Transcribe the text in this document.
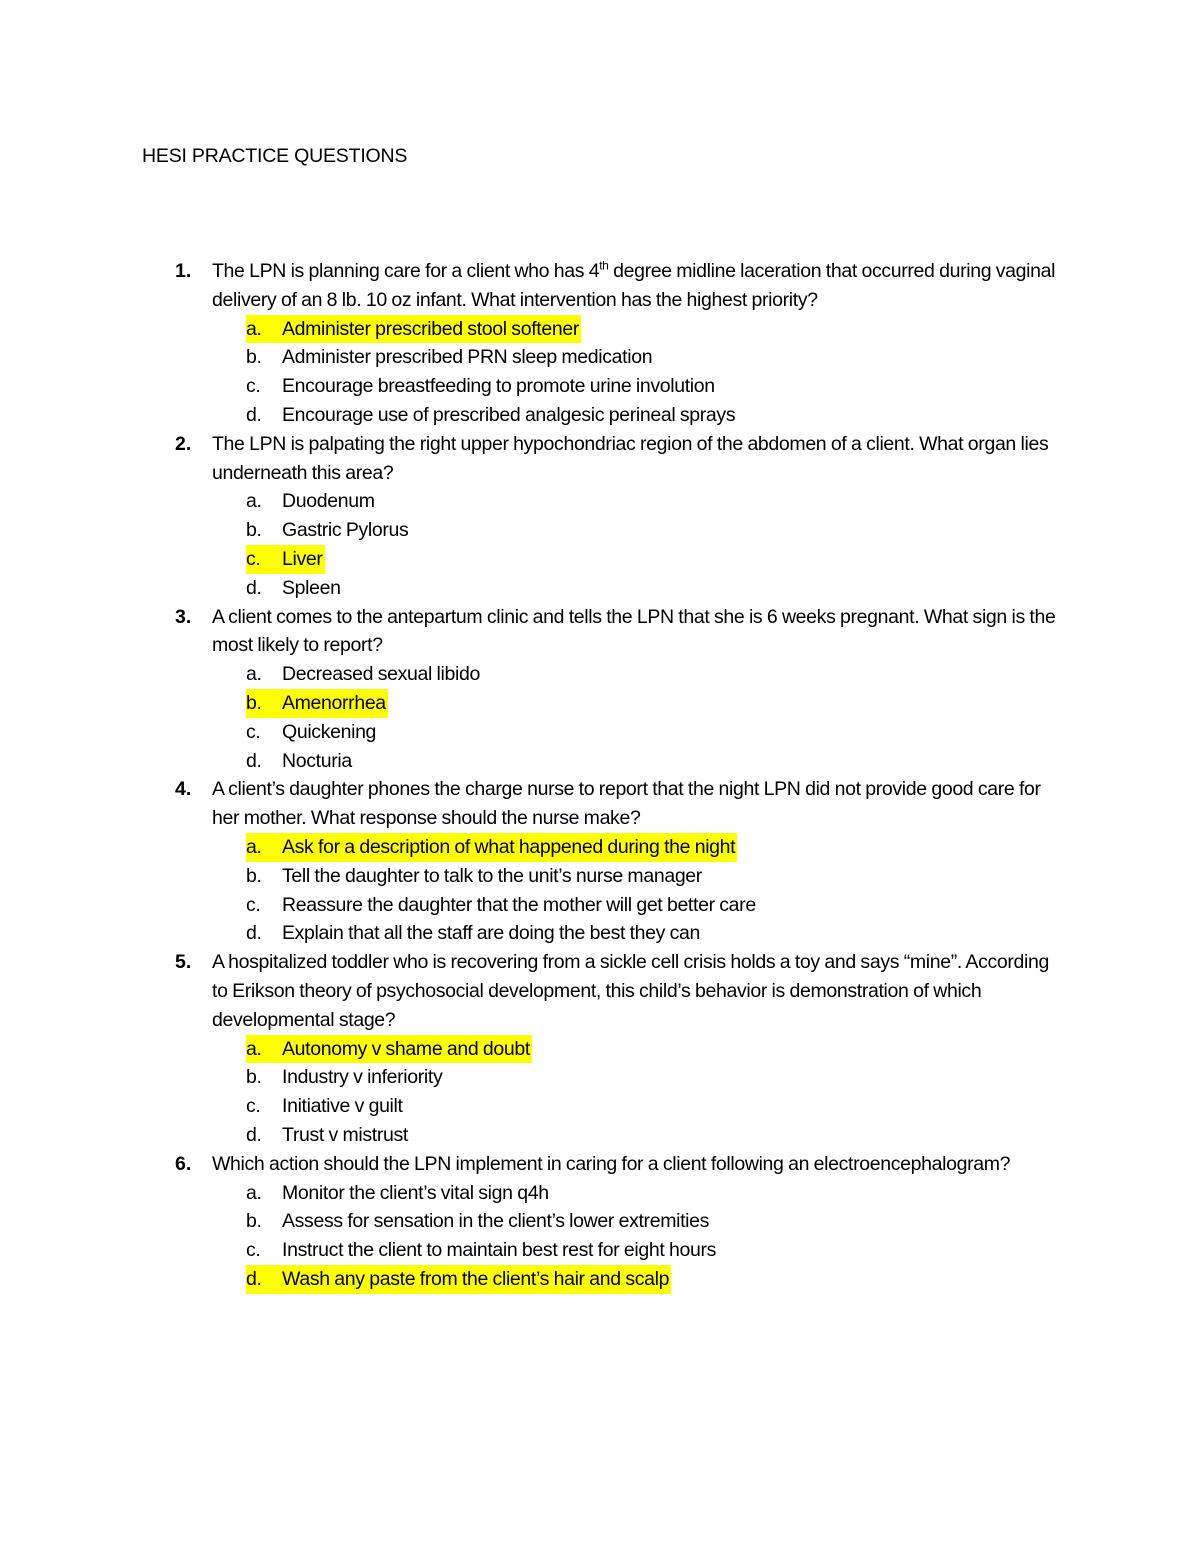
HESI PRACTICE QUESTIONS
1. The LPN is planning care for a client who has 4th degree midline laceration that occurred during vaginal delivery of an 8 lb. 10 oz infant. What intervention has the highest priority?
a. Administer prescribed stool softener
b. Administer prescribed PRN sleep medication
c. Encourage breastfeeding to promote urine involution
d. Encourage use of prescribed analgesic perineal sprays
2. The LPN is palpating the right upper hypochondriac region of the abdomen of a client. What organ lies underneath this area?
a. Duodenum
b. Gastric Pylorus
c. Liver
d. Spleen
3. A client comes to the antepartum clinic and tells the LPN that she is 6 weeks pregnant. What sign is the most likely to report?
a. Decreased sexual libido
b. Amenorrhea
c. Quickening
d. Nocturia
4. A client’s daughter phones the charge nurse to report that the night LPN did not provide good care for her mother. What response should the nurse make?
a. Ask for a description of what happened during the night
b. Tell the daughter to talk to the unit’s nurse manager
c. Reassure the daughter that the mother will get better care
d. Explain that all the staff are doing the best they can
5. A hospitalized toddler who is recovering from a sickle cell crisis holds a toy and says “mine”. According to Erikson theory of psychosocial development, this child’s behavior is demonstration of which developmental stage?
a. Autonomy v shame and doubt
b. Industry v inferiority
c. Initiative v guilt
d. Trust v mistrust
6. Which action should the LPN implement in caring for a client following an electroencephalogram?
a. Monitor the client’s vital sign q4h
b. Assess for sensation in the client’s lower extremities
c. Instruct the client to maintain best rest for eight hours
d. Wash any paste from the client’s hair and scalp
